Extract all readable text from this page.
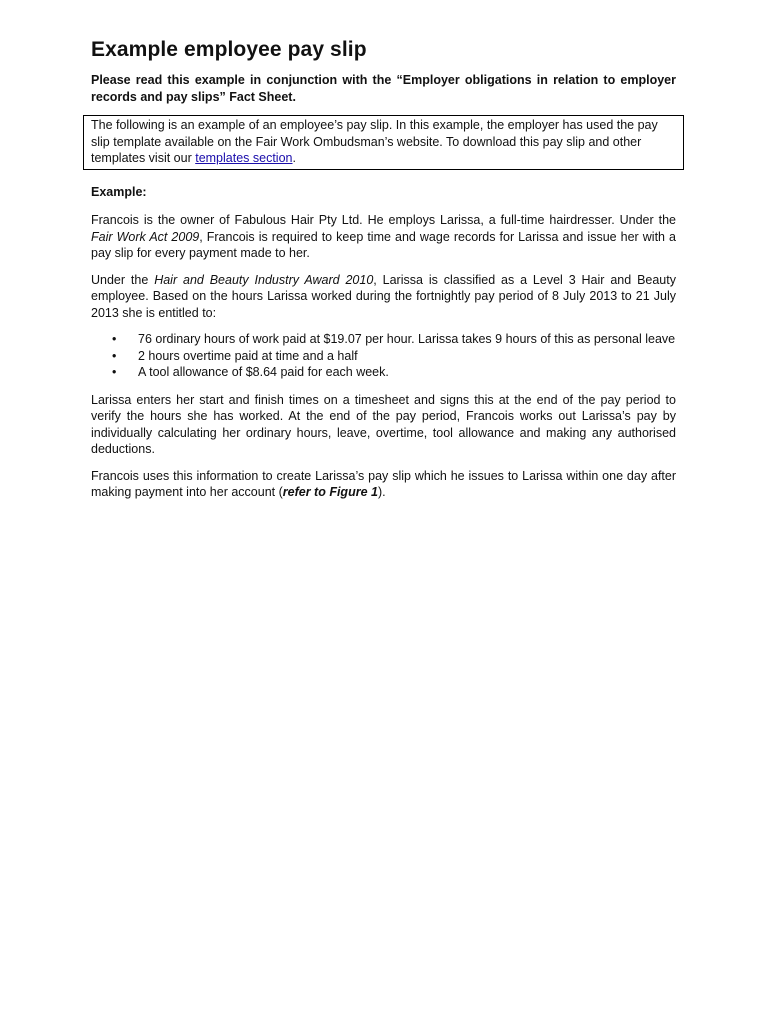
Example employee pay slip
Please read this example in conjunction with the “Employer obligations in relation to employer records and pay slips” Fact Sheet.
The following is an example of an employee’s pay slip. In this example, the employer has used the pay slip template available on the Fair Work Ombudsman’s website. To download this pay slip and other templates visit our templates section.

Example:

Francois is the owner of Fabulous Hair Pty Ltd. He employs Larissa, a full-time hairdresser. Under the Fair Work Act 2009, Francois is required to keep time and wage records for Larissa and issue her with a pay slip for every payment made to her.

Under the Hair and Beauty Industry Award 2010, Larissa is classified as a Level 3 Hair and Beauty employee. Based on the hours Larissa worked during the fortnightly pay period of 8 July 2013 to 21 July 2013 she is entitled to:

• 76 ordinary hours of work paid at $19.07 per hour. Larissa takes 9 hours of this as personal leave
• 2 hours overtime paid at time and a half
• A tool allowance of $8.64 paid for each week.

Larissa enters her start and finish times on a timesheet and signs this at the end of the pay period to verify the hours she has worked. At the end of the pay period, Francois works out Larissa’s pay by individually calculating her ordinary hours, leave, overtime, tool allowance and making any authorised deductions.

Francois uses this information to create Larissa’s pay slip which he issues to Larissa within one day after making payment into her account (refer to Figure 1).
